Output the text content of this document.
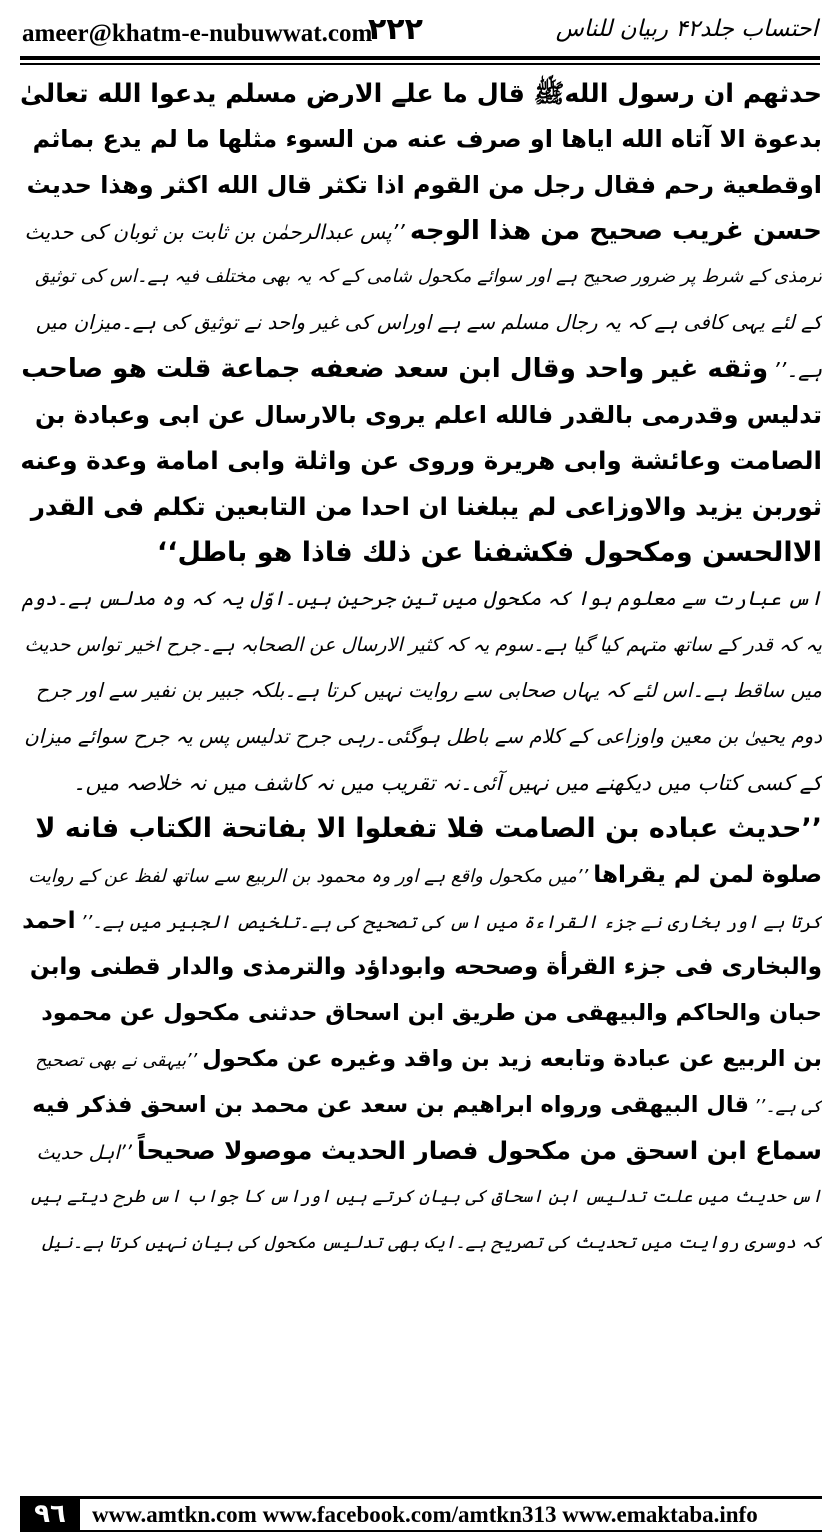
ameer@khatm-e-nubuwwat.com
۲۲۲	احتساب جلد۴۲ ربیان للناس
حدثهم ان رسول اللهﷺ قال ما علے الارض مسلم یدعوا الله تعالیٰ
بدعوة الا آتاه الله ایاها او صرف عنه من السوء مثلها ما لم یدع بماثم
اوقطعیة رحم فقال رجل من القوم اذا تکثر قال الله اکثر وهذا حدیث
حسن غریب صحیح من هذا الوجه ’’پس عبدالرحمٰن بن ثابت بن ثوبان کی حدیث
ترمذی کے شرط پر ضرور صحیح ہے اور سوائے مکحول شامی کے کہ یہ بھی مختلف فیہ ہے۔اس کی توثیق
کے لئے یہی کافی ہے کہ یہ رجال مسلم سے ہے اوراس کی غیر واحد نے توثیق کی ہے۔میزان میں
ہے۔’’ وثقه غیر واحد وقال ابن سعد ضعفه جماعة قلت هو صاحب
تدلیس وقدرمی بالقدر فالله اعلم یروی بالارسال عن ابی وعبادة بن
الصامت وعائشة وابی هریرة وروی عن واثلة وابی امامة وعدة وعنه
ثوربن یزید والاوزاعی لم یبلغنا ان احدا من التابعین تکلم فی القدر
الاالحسن ومکحول فکشفنا عن ذلك فاذا هو باطل‘‘
اس عبارت سے معلوم ہوا کہ مکحول میں تین جرحین ہیں۔اوّل یہ کہ وہ مدلس ہے۔دوم
یہ کہ قدر کے ساتھ متہم کیا گیا ہے۔سوم یہ کہ کثیر الارسال عن الصحابہ ہے۔جرح اخیر تواس حدیث
میں ساقط ہے۔اس لئے کہ یہاں صحابی سے روایت نہیں کرتا ہے۔بلکہ جبیر بن نفیر سے اور جرح
دوم یحییٰ بن معین واوزاعی کے کلام سے باطل ہوگئی۔رہی جرح تدلیس پس یہ جرح سوائے میزان
کے کسی کتاب میں دیکھنے میں نہیں آئی۔نہ تقریب میں نہ کاشف میں نہ خلاصہ میں۔
’’حدیث عباده بن الصامت فلا تفعلوا الا بفاتحة الکتاب فانه لا
صلوة لمن لم یقراها ’’میں مکحول واقع ہے اور وہ محمود بن الربیع سے ساتھ لفظ عن کے روایت
کرتا ہے اور بخاری نے جزء القراءۃ میں اس کی تصحیح کی ہے۔تلخیص الجبیر میں ہے۔’’ احمد
والبخاری فی جزء القرأة وصححه وابوداؤد والترمذی والدار قطنی وابن
حبان والحاکم والبیهقی من طریق ابن اسحاق حدثنی مکحول عن محمود
بن الربیع عن عبادة وتابعه زید بن واقد وغیره عن مکحول ’’بیہقی نے بھی تصحیح
کی ہے۔’’ قال البیهقی ورواه ابراهیم بن سعد عن محمد بن اسحق فذکر فیه
سماع ابن اسحق من مکحول فصار الحدیث موصولا صحیحاً ’’اہل حدیث
اس حدیث میں علت تدلیس ابن اسحاق کی بیان کرتے ہیں اوراس کا جواب اس طرح دیتے ہیں
کہ دوسری روایت میں تحدیث کی تصریح ہے۔ایک بھی تدلیس مکحول کی بیان نہیں کرتا ہے۔نیل
۹٦	www.amtkn.com www.facebook.com/amtkn313 www.emaktaba.info
